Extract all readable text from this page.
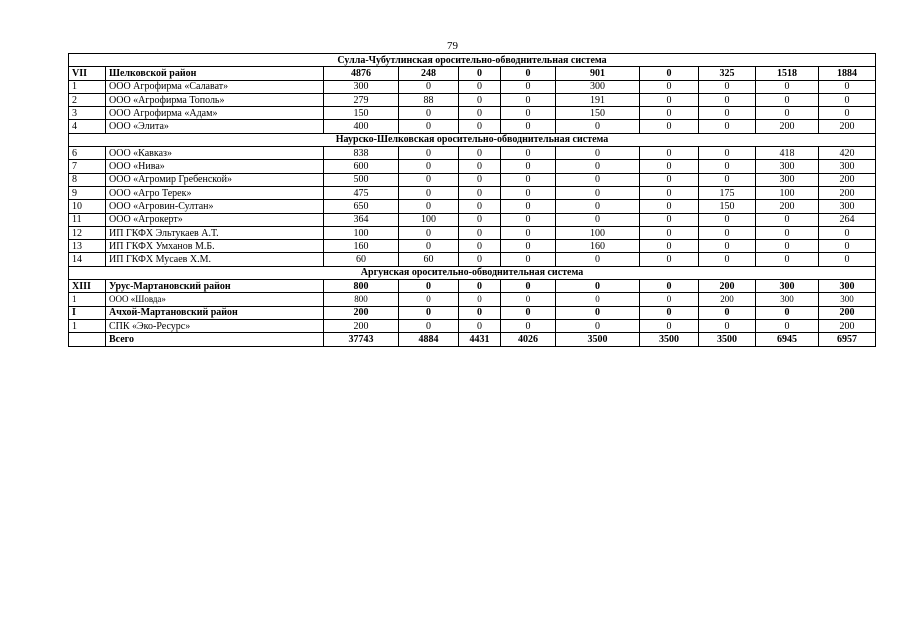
79
Сулла-Чубутлинская оросительно-обводнительная система										
VII	Шелковской район	4876	248	0	0	901	0	325	1518	1884
1	ООО Агрофирма «Салават»	300	0	0	0	300	0	0	0	0
2	ООО «Агрофирма Тополь»	279	88	0	0	191	0	0	0	0
3	ООО Агрофирма «Адам»	150	0	0	0	150	0	0	0	0
4	ООО «Элита»	400	0	0	0	0	0	0	200	200
Наурско-Шелковская оросительно-обводнительная система										
6	ООО «Кавказ»	838	0	0	0	0	0	0	418	420
7	ООО «Нива»	600	0	0	0	0	0	0	300	300
8	ООО «Агромир Гребенской»	500	0	0	0	0	0	0	300	200
9	ООО «Агро Терек»	475	0	0	0	0	0	175	100	200
10	ООО «Агровин-Султан»	650	0	0	0	0	0	150	200	300
11	ООО «Агрокерт»	364	100	0	0	0	0	0	0	264
12	ИП ГКФХ Эльтукаев А.Т.	100	0	0	0	100	0	0	0	0
13	ИП ГКФХ Умханов М.Б.	160	0	0	0	160	0	0	0	0
14	ИП ГКФХ Мусаев Х.М.	60	60	0	0	0	0	0	0	0
Аргунская оросительно-обводнительная система										
XIII	Урус-Мартановский район	800	0	0	0	0	0	200	300	300
1	ООО «Шовда»	800	0	0	0	0	0	200	300	300
I	Ачхой-Мартановский район	200	0	0	0	0	0	0	0	200
1	СПК «Эко-Ресурс»	200	0	0	0	0	0	0	0	200
	Всего	37743	4884	4431	4026	3500	3500	3500	6945	6957
